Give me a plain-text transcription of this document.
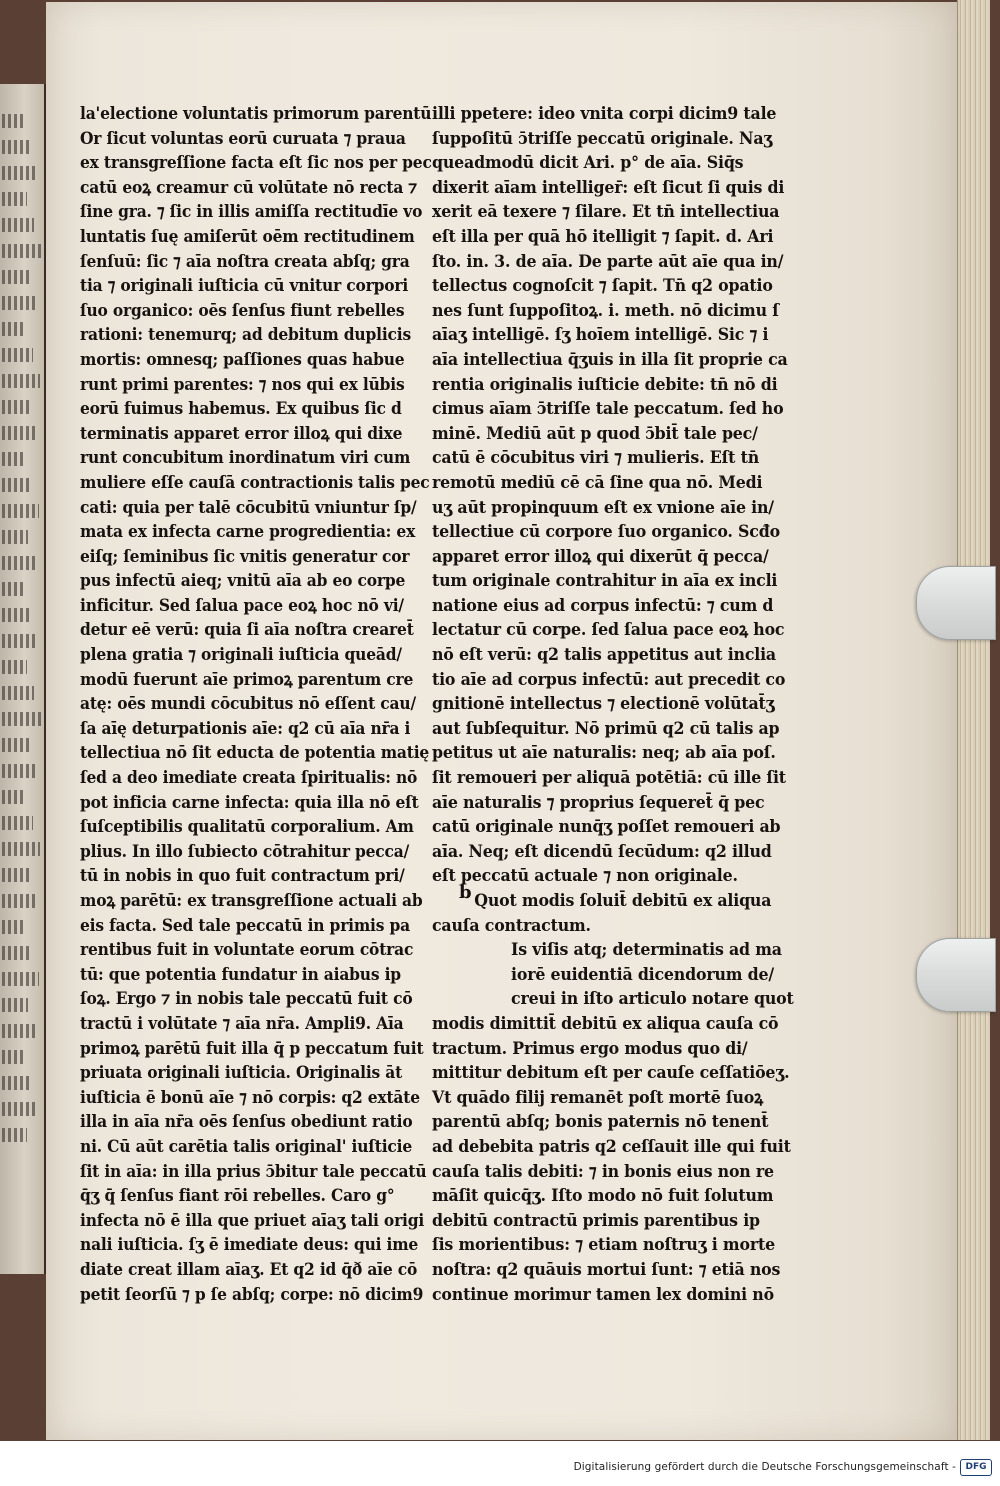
la'electione voluntatis primorum parentū
Or ſicut voluntas eorū curuata ⁊ praua
ex transgreſſione facta eſt ſic nos per pec
catū eoꝝ creamur cū volūtate nō recta ⁊
ſine gra. ⁊ ſic in illis amiſſa rectitudīe vo
luntatis ſuę amiſerūt oēm rectitudinem
ſenſuū: ſic ⁊ aīa noſtra creata abſq; gra
tia ⁊ originali iuſticia cū vnitur corpori
ſuo organico: oēs ſenſus fiunt rebelles
rationi: tenemurq; ad debitum duplicis
mortis: omnesq; paſſiones quas habue
runt primi parentes: ⁊ nos qui ex lūbis
eorū fuimus habemus. Ex quibus ſic d
terminatis apparet error illoꝝ qui dixe
runt concubitum inordinatum viri cum
muliere eſſe cauſā contractionis talis pec
cati: quia per talē cōcubitū vniuntur ſp/
mata ex infecta carne progredientia: ex
eiſq; ſeminibus ſic vnitis generatur cor
pus infectū aieq; vnitū aīa ab eo corpe
inficitur. Sed ſalua pace eoꝝ hoc nō vi/
detur eē verū: quia ſi aīa noſtra crearet̄
plena gratia ⁊ originali iuſticia queād/
modū fuerunt aīe primoꝝ parentum cre
atę: oēs mundi cōcubitus nō eſſent cau/
ſa aīę deturpationis aīe: q2 cū aīa nr̄a i
tellectiua nō ſit educta de potentia matię
ſed a deo imediate creata ſpiritualis: nō
pot inficia carne infecta: quia illa nō eſt
ſuſceptibilis qualitatū corporalium. Am
plius. In illo ſubiecto cōtrahitur pecca/
tū in nobis in quo fuit contractum pri/
moꝝ parētū: ex transgreſſione actuali ab
eis facta. Sed tale peccatū in primis pa
rentibus fuit in voluntate eorum cōtrac
tū: que potentia fundatur in aiabus ip
ſoꝝ. Ergo ⁊ in nobis tale peccatū fuit cō
tractū i volūtate ⁊ aīa nr̄a. Ampli9. Aīa
primoꝝ parētū fuit illa q̄ p peccatum fuit
priuata originali iuſticia. Originalis āt
iuſticia ē bonū aīe ⁊ nō corpis: q2 extāte
illa in aīa nr̄a oēs ſenſus obediunt ratio
ni. Cū aūt carētia talis original' iuſticie
ſit in aīa: in illa prius ɔ̄bitur tale peccatū
q̄ʒ q̄ ſenſus fiant rōi rebelles. Caro g°
infecta nō ē illa que priuet aīaʒ tali origi
nali iuſticia. ſʒ ē imediate deus: qui ime
diate creat illam aīaʒ. Et q2 id q̄ð aīe cō
petit ſeorſū ⁊ p ſe abſq; corpe: nō dicim9
illi ppetere: ideo vnita corpi dicim9 tale
ſuppoſitū ɔ̄triſſe peccatū originale. Naʒ
queadmodū dicit Ari. p° de aīa. Siq̄s
dixerit aīam intelliger̄: eſt ſicut ſi quis di
xerit eā texere ⁊ ſilare. Et tn̄ intellectiua
eſt illa per quā hō itelligit ⁊ ſapit. d. Ari
ſto. in. 3. de aīa. De parte aūt aīe qua in/
tellectus cognoſcit ⁊ ſapit. Tn̄ q2 opatio
nes ſunt ſuppoſitoꝝ. i. meth. nō dicimu ſ
aīaʒ intelligē. ſʒ hoīem intelligē. Sic ⁊ i
aīa intellectiua q̄ʒuis in illa ſit proprie ca
rentia originalis iuſticie debite: tn̄ nō di
cimus aīam ɔ̄triſſe tale peccatum. ſed ho
minē. Mediū aūt p quod ɔ̄bit̄ tale pec/
catū ē cōcubitus viri ⁊ mulieris. Eſt tn̄
remotū mediū cē cā ſine qua nō. Medi
uʒ aūt propinquum eſt ex vnione aīe in/
tellectiue cū corpore ſuo organico. Scđo
apparet error illoꝝ qui dixerūt q̄ pecca/
tum originale contrahitur in aīa ex incli
natione eius ad corpus infectū: ⁊ cum d
lectatur cū corpe. ſed ſalua pace eoꝝ hoc
nō eſt verū: q2 talis appetitus aut inclia
tio aīe ad corpus infectū: aut precedit co
gnitionē intellectus ⁊ electionē volūtat̄ʒ
aut ſubſequitur. Nō primū q2 cū talis ap
petitus ut aīe naturalis: neq; ab aīa poſ.
ſit remoueri per aliquā potētiā: cū ille ſit
aīe naturalis ⁊ proprius ſequeret̄ q̄ pec
catū originale nunq̄ʒ poſſet remoueri ab
aīa. Neq; eſt dicendū ſecūdum: q2 illud
eſt peccatū actuale ⁊ non originale.
Quot modis ſoluit̄ debitū ex aliqua
cauſa contractum.
Is viſis atq; determinatis ad ma
iorē euidentiā dicendorum de/
creui in iſto articulo notare quot
modis dimittit̄ debitū ex aliqua cauſa cō
tractum. Primus ergo modus quo di/
mittitur debitum eſt per cauſe ceſſatiōeʒ.
Vt quādo filij remanēt poſt mortē ſuoꝝ
parentū abſq; bonis paternis nō tenent̄
ad debebita patris q2 ceſſauit ille qui fuit
cauſa talis debiti: ⁊ in bonis eius non re
māſit quicq̄ʒ. Iſto modo nō fuit ſolutum
debitū contractū primis parentibus ip
ſis morientibus: ⁊ etiam noſtruʒ i morte
noſtra: q2 quāuis mortui ſunt: ⁊ etiā nos
continue morimur tamen lex domini nō
b
Digitalisierung gefördert durch die Deutsche Forschungsgemeinschaft -	DFG
